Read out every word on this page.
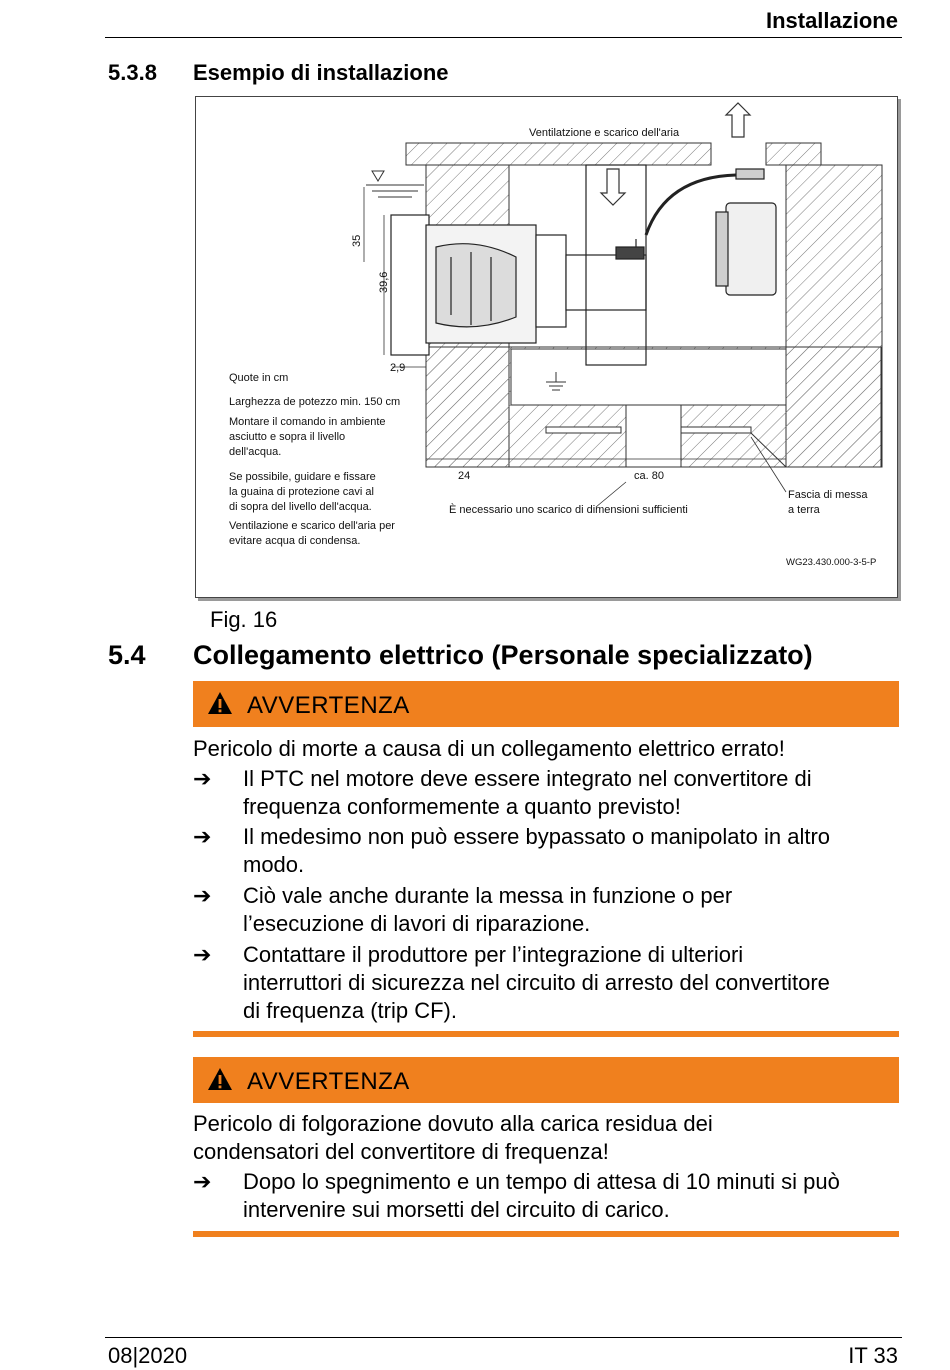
Installazione
5.3.8 Esempio di installazione
Ventilatzione e scarico dell'aria
35
39,6
2,9
24	ca. 80
Quote in cm
Larghezza de potezzo min. 150 cm
Montare il comando in ambiente asciutto e sopra il livello dell'acqua.
Se possibile, guidare e fissare la guaina di protezione cavi al di sopra del livello dell'acqua.
Ventilazione e scarico dell'aria per evitare acqua di condensa.
È necessario uno scarico di dimensioni sufficienti
Fascia di messa a terra
WG23.430.000-3-5-P
Fig. 16
5.4 Collegamento elettrico (Personale specializzato)
AVVERTENZA
Pericolo di morte a causa di un collegamento elettrico errato!
➔	Il PTC nel motore deve essere integrato nel convertitore di
frequenza conformemente a quanto previsto!
➔	Il medesimo non può essere bypassato o manipolato in altro
modo.
➔	Ciò vale anche durante la messa in funzione o per
l’esecuzione di lavori di riparazione.
➔	Contattare il produttore per l’integrazione di ulteriori
interruttori di sicurezza nel circuito di arresto del convertitore
di frequenza (trip CF).
AVVERTENZA
Pericolo di folgorazione dovuto alla carica residua dei
condensatori del convertitore di frequenza!
➔	Dopo lo spegnimento e un tempo di attesa di 10 minuti si può
intervenire sui morsetti del circuito di carico.
08|2020	IT 33
